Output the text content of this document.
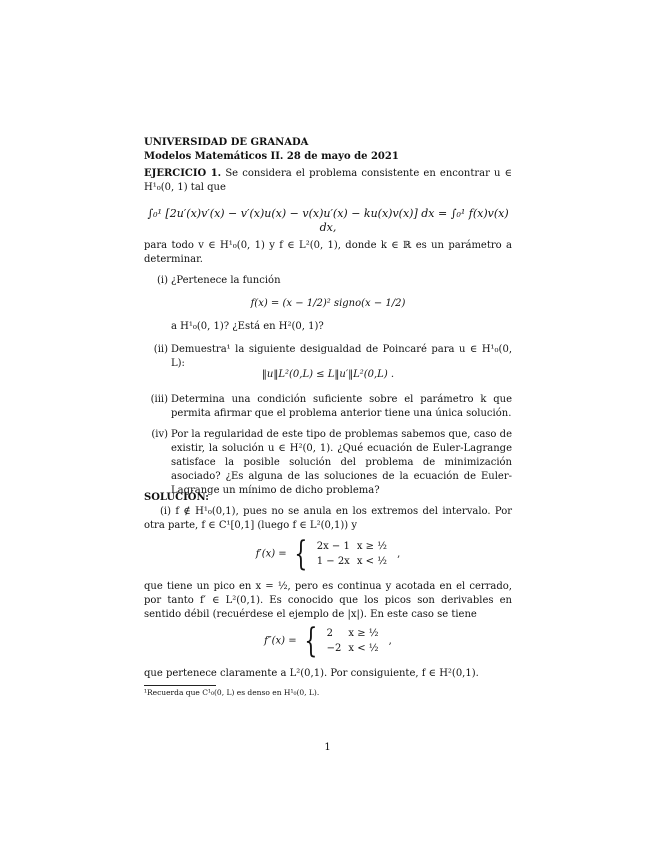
UNIVERSIDAD DE GRANADA
Modelos Matemáticos II. 28 de mayo de 2021
EJERCICIO 1. Se considera el problema consistente en encontrar u ∈ H¹₀(0, 1) tal que
∫₀¹ [2u′(x)v′(x) − v′(x)u(x) − v(x)u′(x) − ku(x)v(x)] dx = ∫₀¹ f(x)v(x) dx,
para todo v ∈ H¹₀(0, 1) y f ∈ L²(0, 1), donde k ∈ ℝ es un parámetro a determinar.
(i) ¿Pertenece la función
f(x) = (x − 1/2)² signo(x − 1/2)
a H¹₀(0, 1)? ¿Está en H²(0, 1)?
(ii) Demuestra¹ la siguiente desigualdad de Poincaré para u ∈ H¹₀(0, L):
‖u‖L²(0,L) ≤ L‖u′‖L²(0,L) .
(iii) Determina una condición suficiente sobre el parámetro k que permita afirmar que el problema anterior tiene una única solución.
(iv) Por la regularidad de este tipo de problemas sabemos que, caso de existir, la solución u ∈ H²(0, 1). ¿Qué ecuación de Euler-Lagrange satisface la posible solución del problema de minimización asociado? ¿Es alguna de las soluciones de la ecuación de Euler-Lagrange un mínimo de dicho problema?
SOLUCIÓN:
(i) f ∉ H¹₀(0,1), pues no se anula en los extremos del intervalo. Por otra parte, f ∈ C¹[0,1] (luego f ∈ L²(0,1)) y
f′(x) = { 2x − 1	x ≥ ½
1 − 2x	x < ½ ,
que tiene un pico en x = ½, pero es continua y acotada en el cerrado, por tanto f′ ∈ L²(0,1). Es conocido que los picos son derivables en sentido débil (recuérdese el ejemplo de |x|). En este caso se tiene
f″(x) = { 2	x ≥ ½
−2	x < ½ ,
que pertenece claramente a L²(0,1). Por consiguiente, f ∈ H²(0,1).
¹Recuerda que C¹₀(0, L) es denso en H¹₀(0, L).
1
